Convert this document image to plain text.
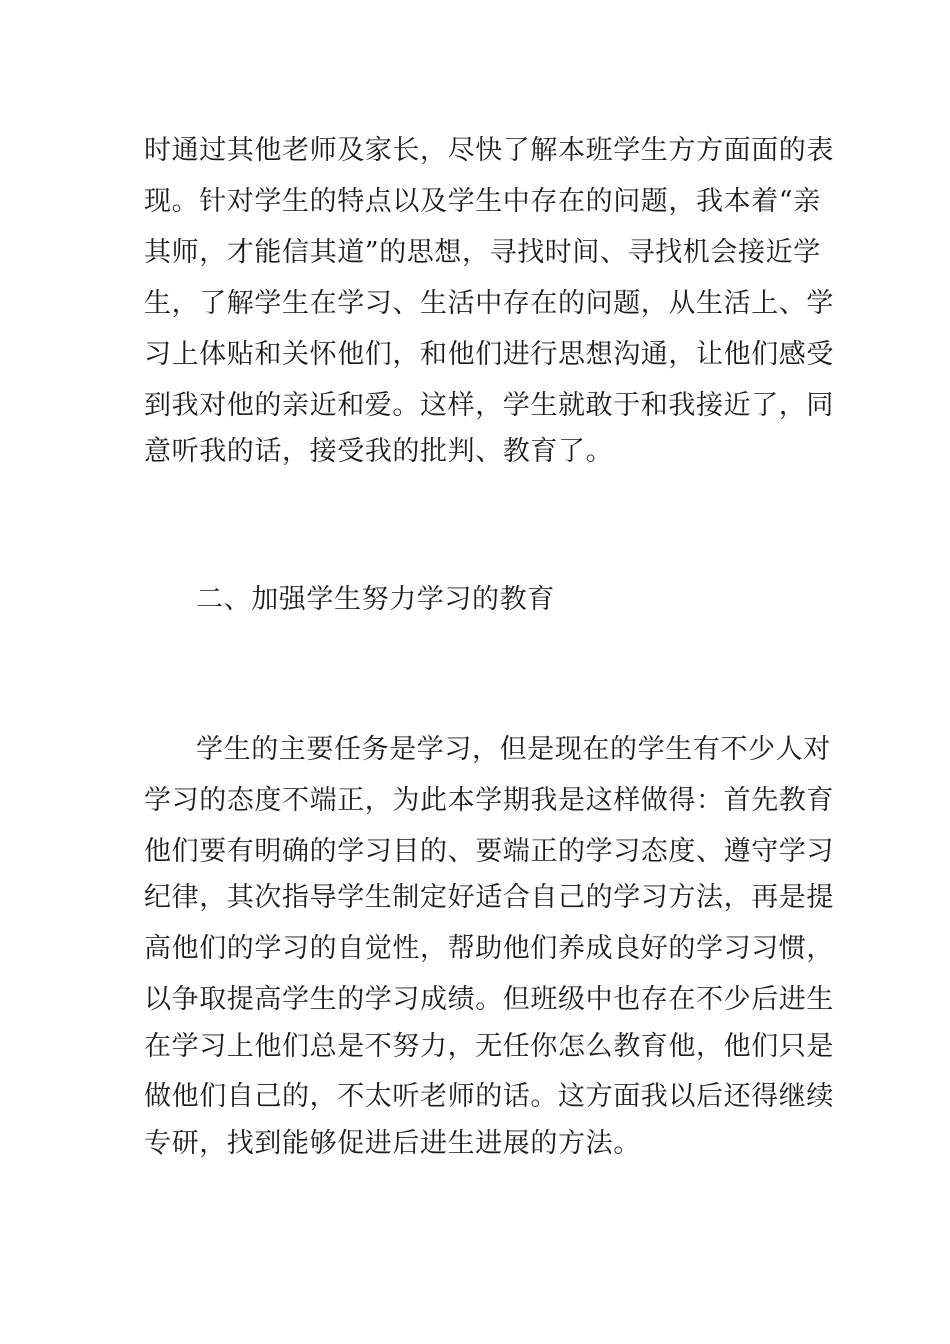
时通过其他老师及家长，尽快了解本班学生方方面面的表
现。针对学生的特点以及学生中存在的问题，我本着“亲
其师，才能信其道”的思想，寻找时间、寻找机会接近学
生，了解学生在学习、生活中存在的问题，从生活上、学
习上体贴和关怀他们，和他们进行思想沟通，让他们感受
到我对他的亲近和爱。这样，学生就敢于和我接近了，同
意听我的话，接受我的批判、教育了。
二、加强学生努力学习的教育
学生的主要任务是学习，但是现在的学生有不少人对
学习的态度不端正，为此本学期我是这样做得：首先教育
他们要有明确的学习目的、要端正的学习态度、遵守学习
纪律，其次指导学生制定好适合自己的学习方法，再是提
高他们的学习的自觉性，帮助他们养成良好的学习习惯，
以争取提高学生的学习成绩。但班级中也存在不少后进生
在学习上他们总是不努力，无任你怎么教育他，他们只是
做他们自己的，不太听老师的话。这方面我以后还得继续
专研，找到能够促进后进生进展的方法。
